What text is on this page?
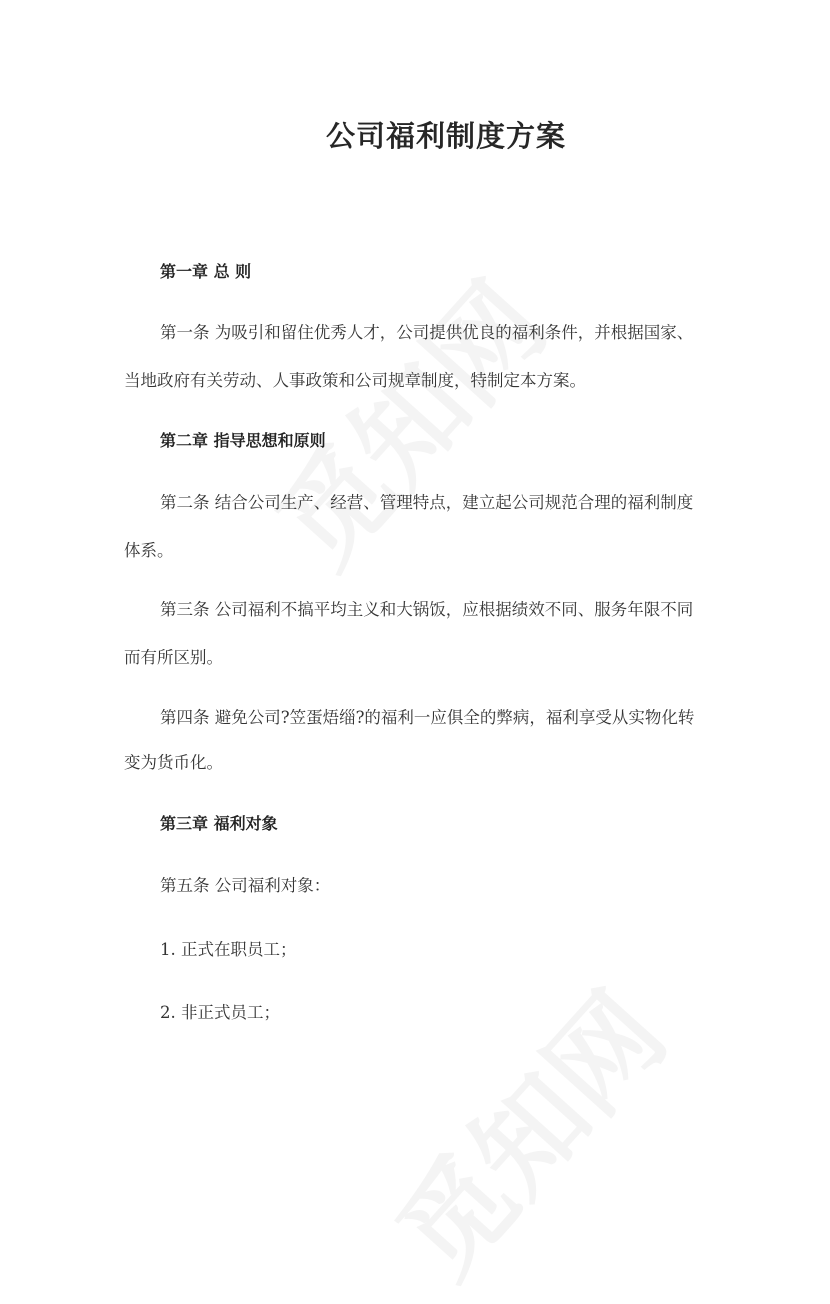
公司福利制度方案
第一章 总 则
第一条 为吸引和留住优秀人才，公司提供优良的福利条件，并根据国家、
当地政府有关劳动、人事政策和公司规章制度，特制定本方案。
第二章 指导思想和原则
第二条 结合公司生产、经营、管理特点，建立起公司规范合理的福利制度
体系。
第三条 公司福利不搞平均主义和大锅饭，应根据绩效不同、服务年限不同
而有所区别。
第四条 避免公司?笠蛋焐缁?的福利一应俱全的弊病，福利享受从实物化转
变为货币化。
第三章 福利对象
第五条 公司福利对象：
1. 正式在职员工；
2. 非正式员工；
